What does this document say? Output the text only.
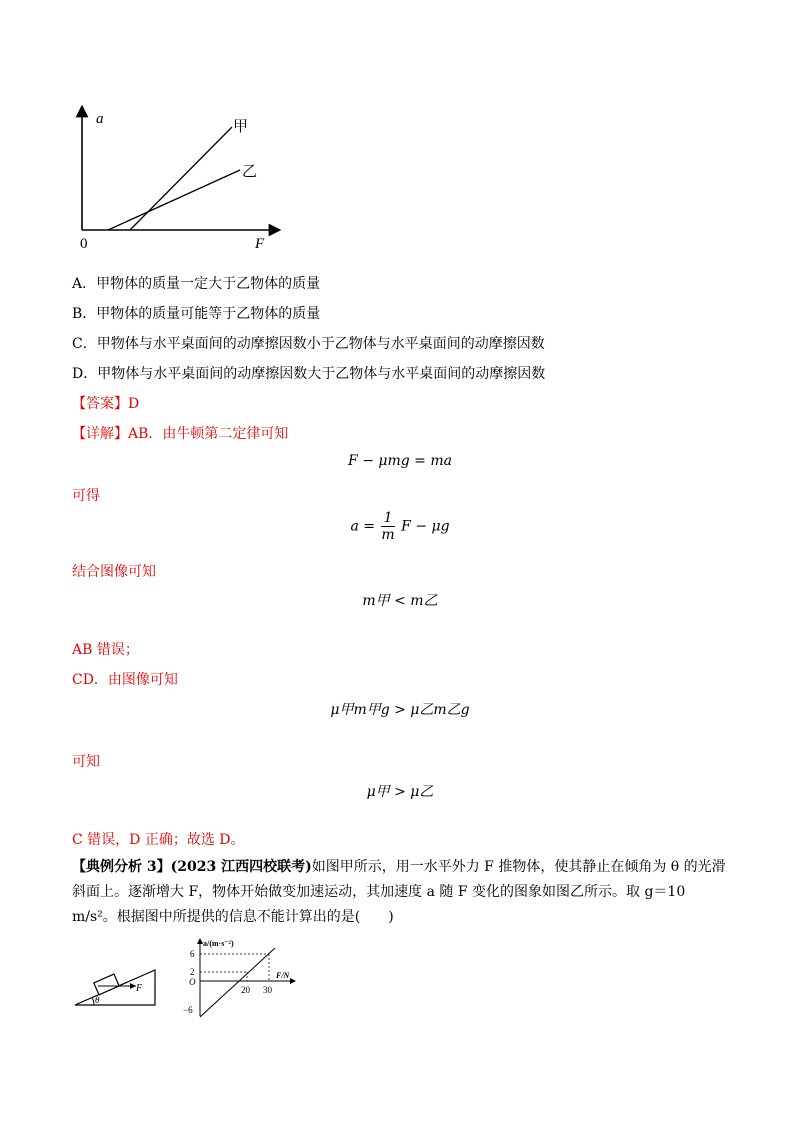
a
F
0
甲
乙
A．甲物体的质量一定大于乙物体的质量
B．甲物体的质量可能等于乙物体的质量
C．甲物体与水平桌面间的动摩擦因数小于乙物体与水平桌面间的动摩擦因数
D．甲物体与水平桌面间的动摩擦因数大于乙物体与水平桌面间的动摩擦因数
【答案】D
【详解】AB．由牛顿第二定律可知
F − μmg = ma
可得
$a = \frac{1}{m}$ F − μg
结合图像可知
m甲 < m乙
AB 错误；
CD．由图像可知
μ甲m甲g > μ乙m乙g
可知
μ甲 > μ乙
C 错误，D 正确；故选 D。
【典例分析 3】(2023 江西四校联考)如图甲所示，用一水平外力 F 推物体，使其静止在倾角为 θ 的光滑斜面上。逐渐增大 F，物体开始做变加速运动，其加速度 a 随 F 变化的图象如图乙所示。取 g＝10 m/s²。根据图中所提供的信息不能计算出的是(　　)
F
θ
a/(m·s⁻²)
F/N
O
6
2
−6
20 30
